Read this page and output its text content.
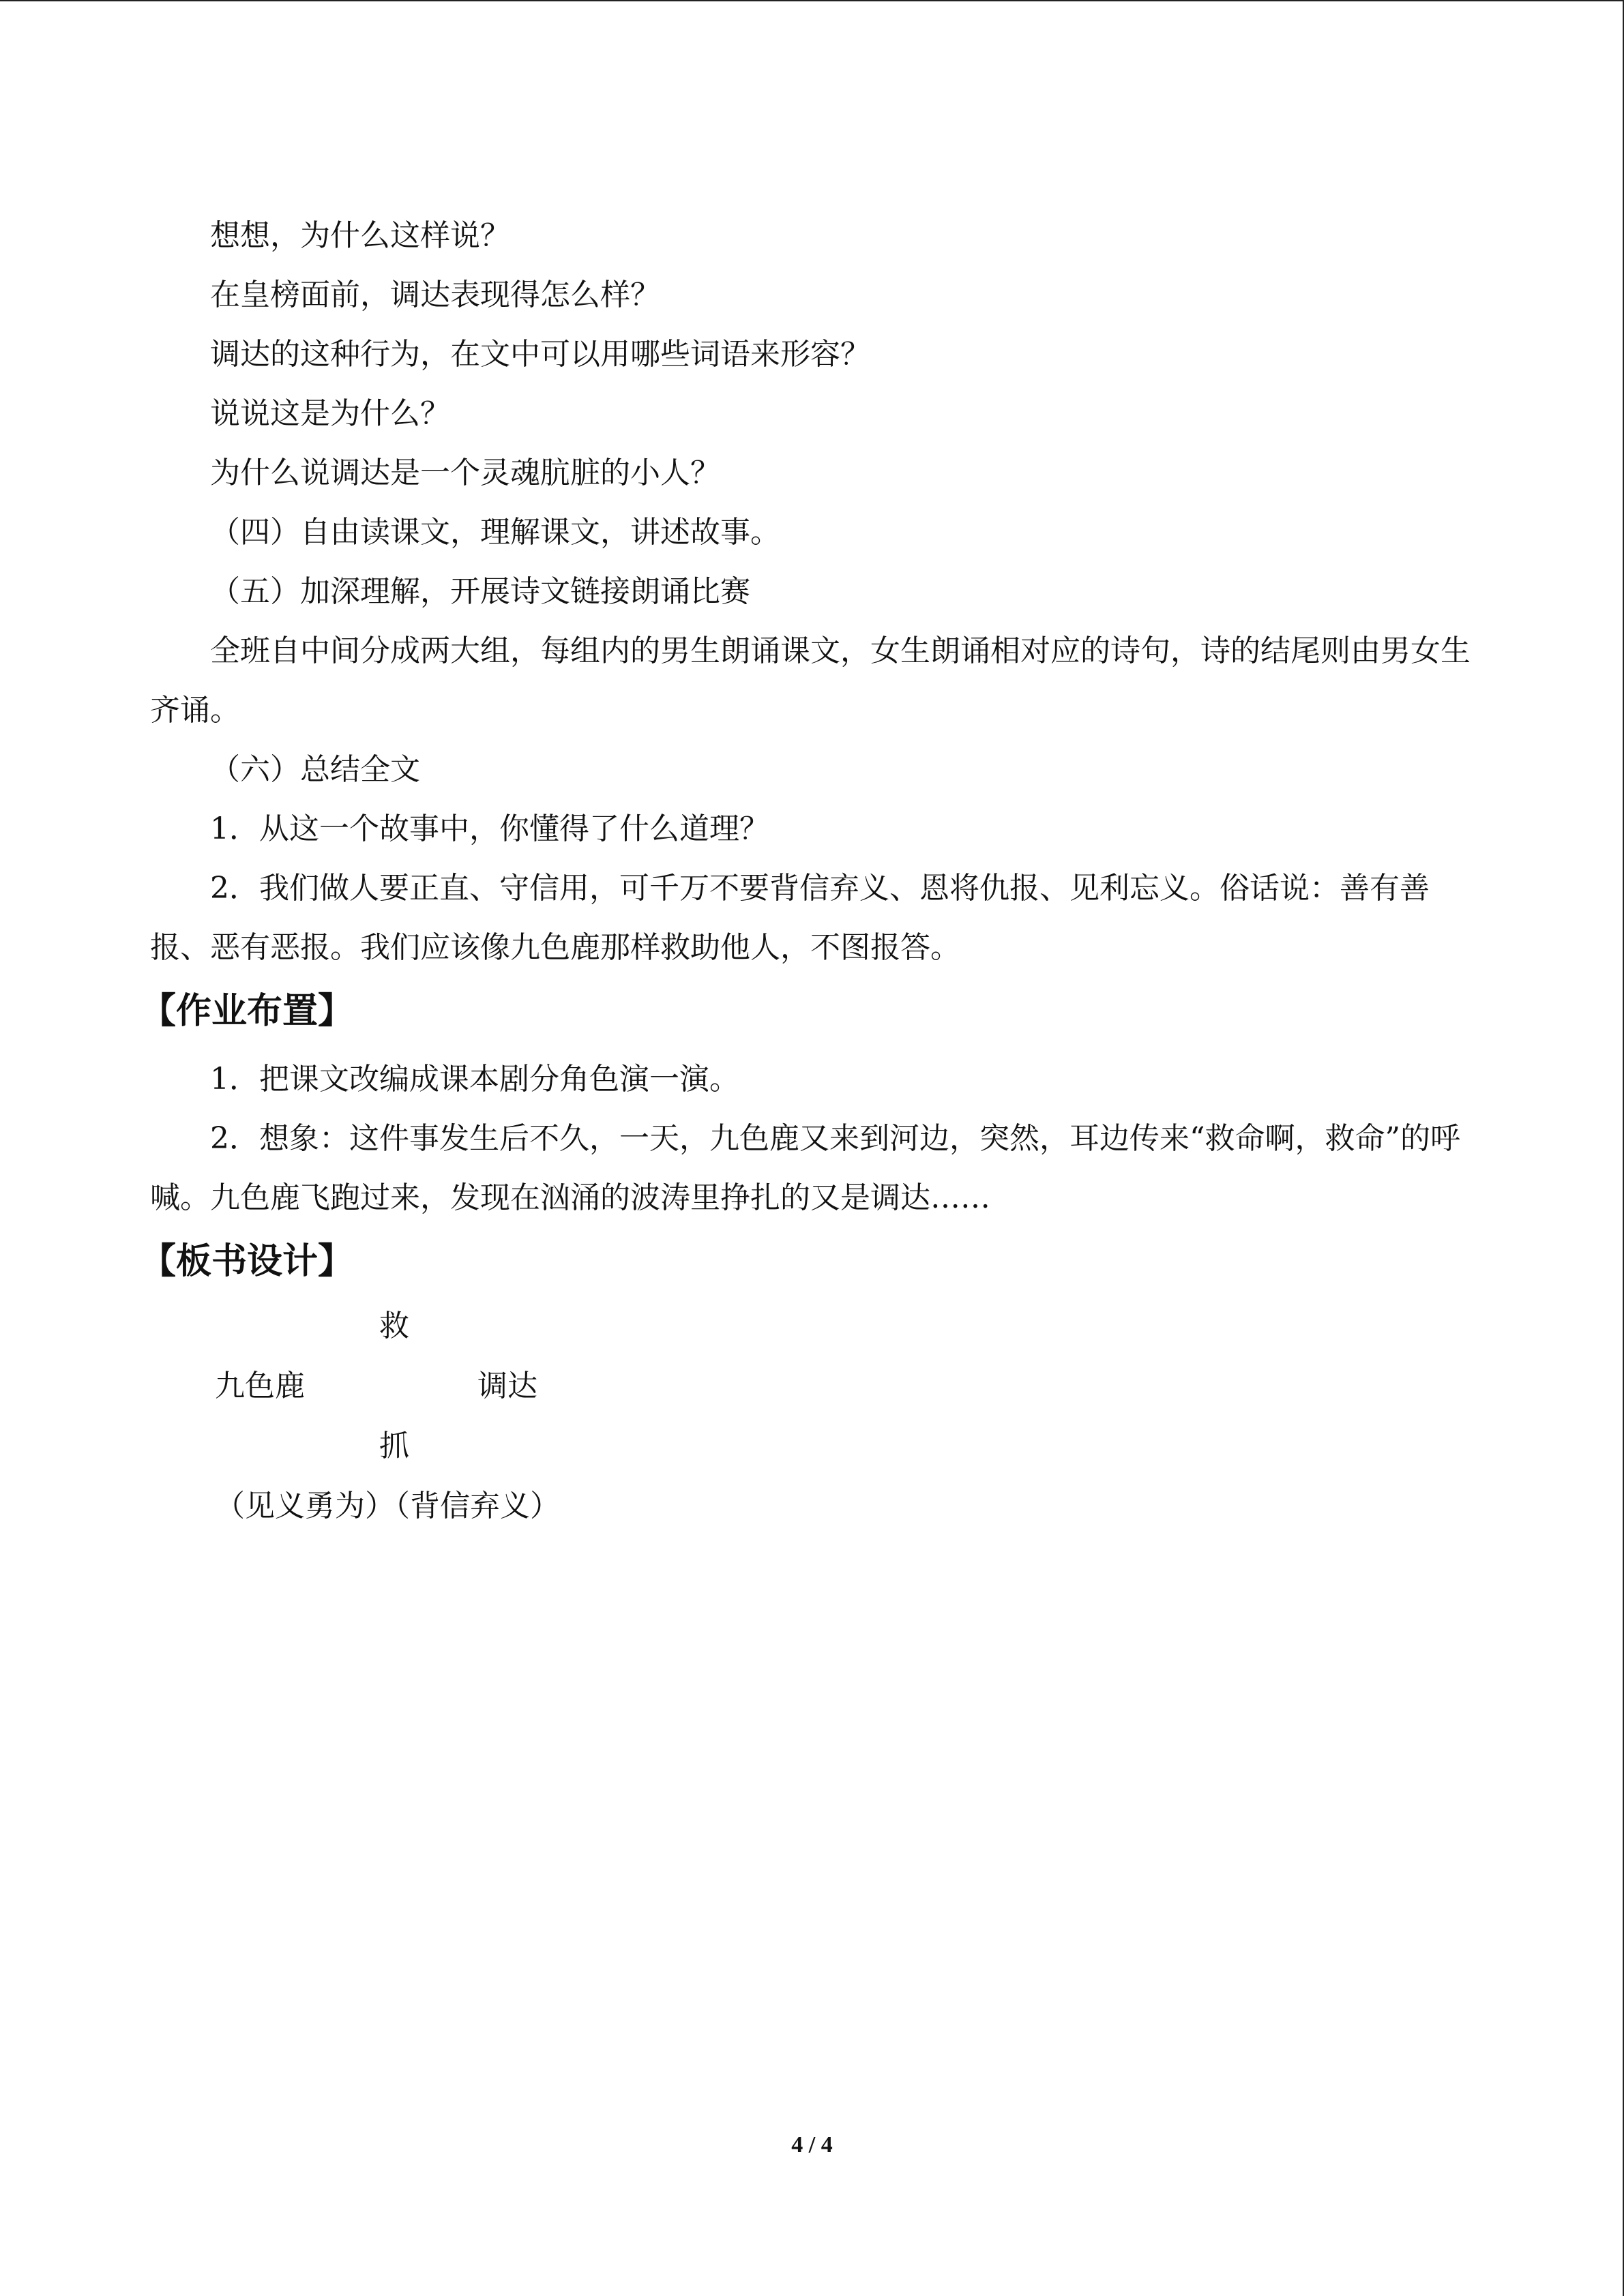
想想，为什么这样说？

在皇榜面前，调达表现得怎么样？

调达的这种行为，在文中可以用哪些词语来形容？

说说这是为什么？

为什么说调达是一个灵魂肮脏的小人？

（四）自由读课文，理解课文，讲述故事。

（五）加深理解，开展诗文链接朗诵比赛

全班自中间分成两大组，每组内的男生朗诵课文，女生朗诵相对应的诗句，诗的结尾则由男女生齐诵。

（六）总结全文

1．从这一个故事中，你懂得了什么道理？

2．我们做人要正直、守信用，可千万不要背信弃义、恩将仇报、见利忘义。俗话说：善有善报、恶有恶报。我们应该像九色鹿那样救助他人，不图报答。

【作业布置】

1．把课文改编成课本剧分角色演一演。

2．想象：这件事发生后不久，一天，九色鹿又来到河边，突然，耳边传来“救命啊，救命”的呼喊。九色鹿飞跑过来，发现在汹涌的波涛里挣扎的又是调达……

【板书设计】
救
九色鹿	调达
抓
（见义勇为）（背信弃义）
4 / 4
